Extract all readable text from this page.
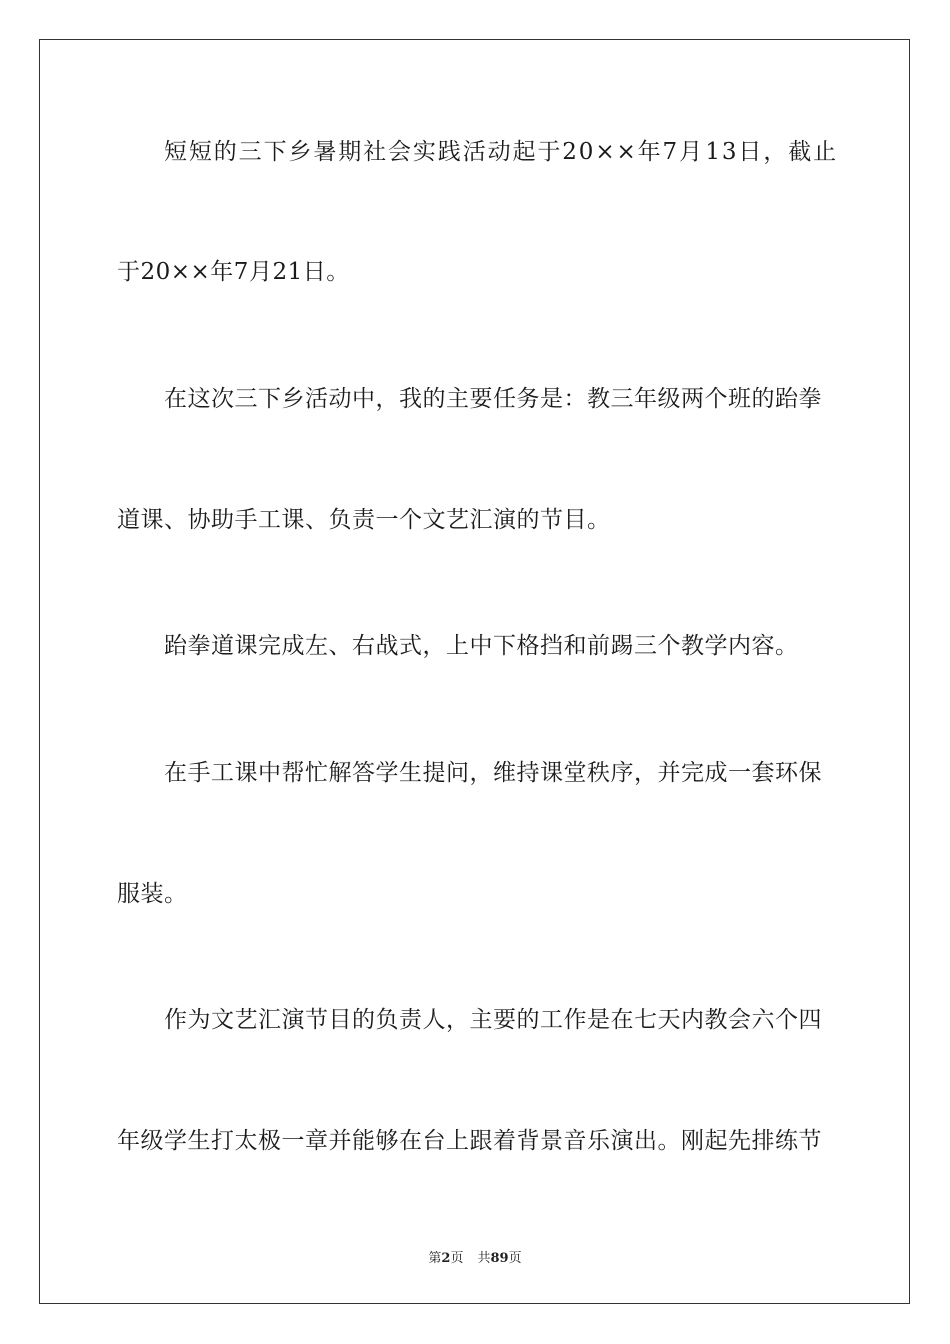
短 短 的 三 下 乡 暑 期 社 会 实 践 活 动 起 于 2 0 × × 年 7 月 1 3 日 ， 截 止
于20××年7月21日。
在这次三下乡活动中，我的主要任务是：教三年级两个班的跆拳
道课、协助手工课、负责一个文艺汇演的节目。
跆拳道课完成左、右战式，上中下格挡和前踢三个教学内容。
在手工课中帮忙解答学生提问，维持课堂秩序，并完成一套环保
服装。
作为文艺汇演节目的负责人，主要的工作是在七天内教会六个四
年级学生打太极一章并能够在台上跟着背景音乐演出。刚起先排练节
第2页 共89页
